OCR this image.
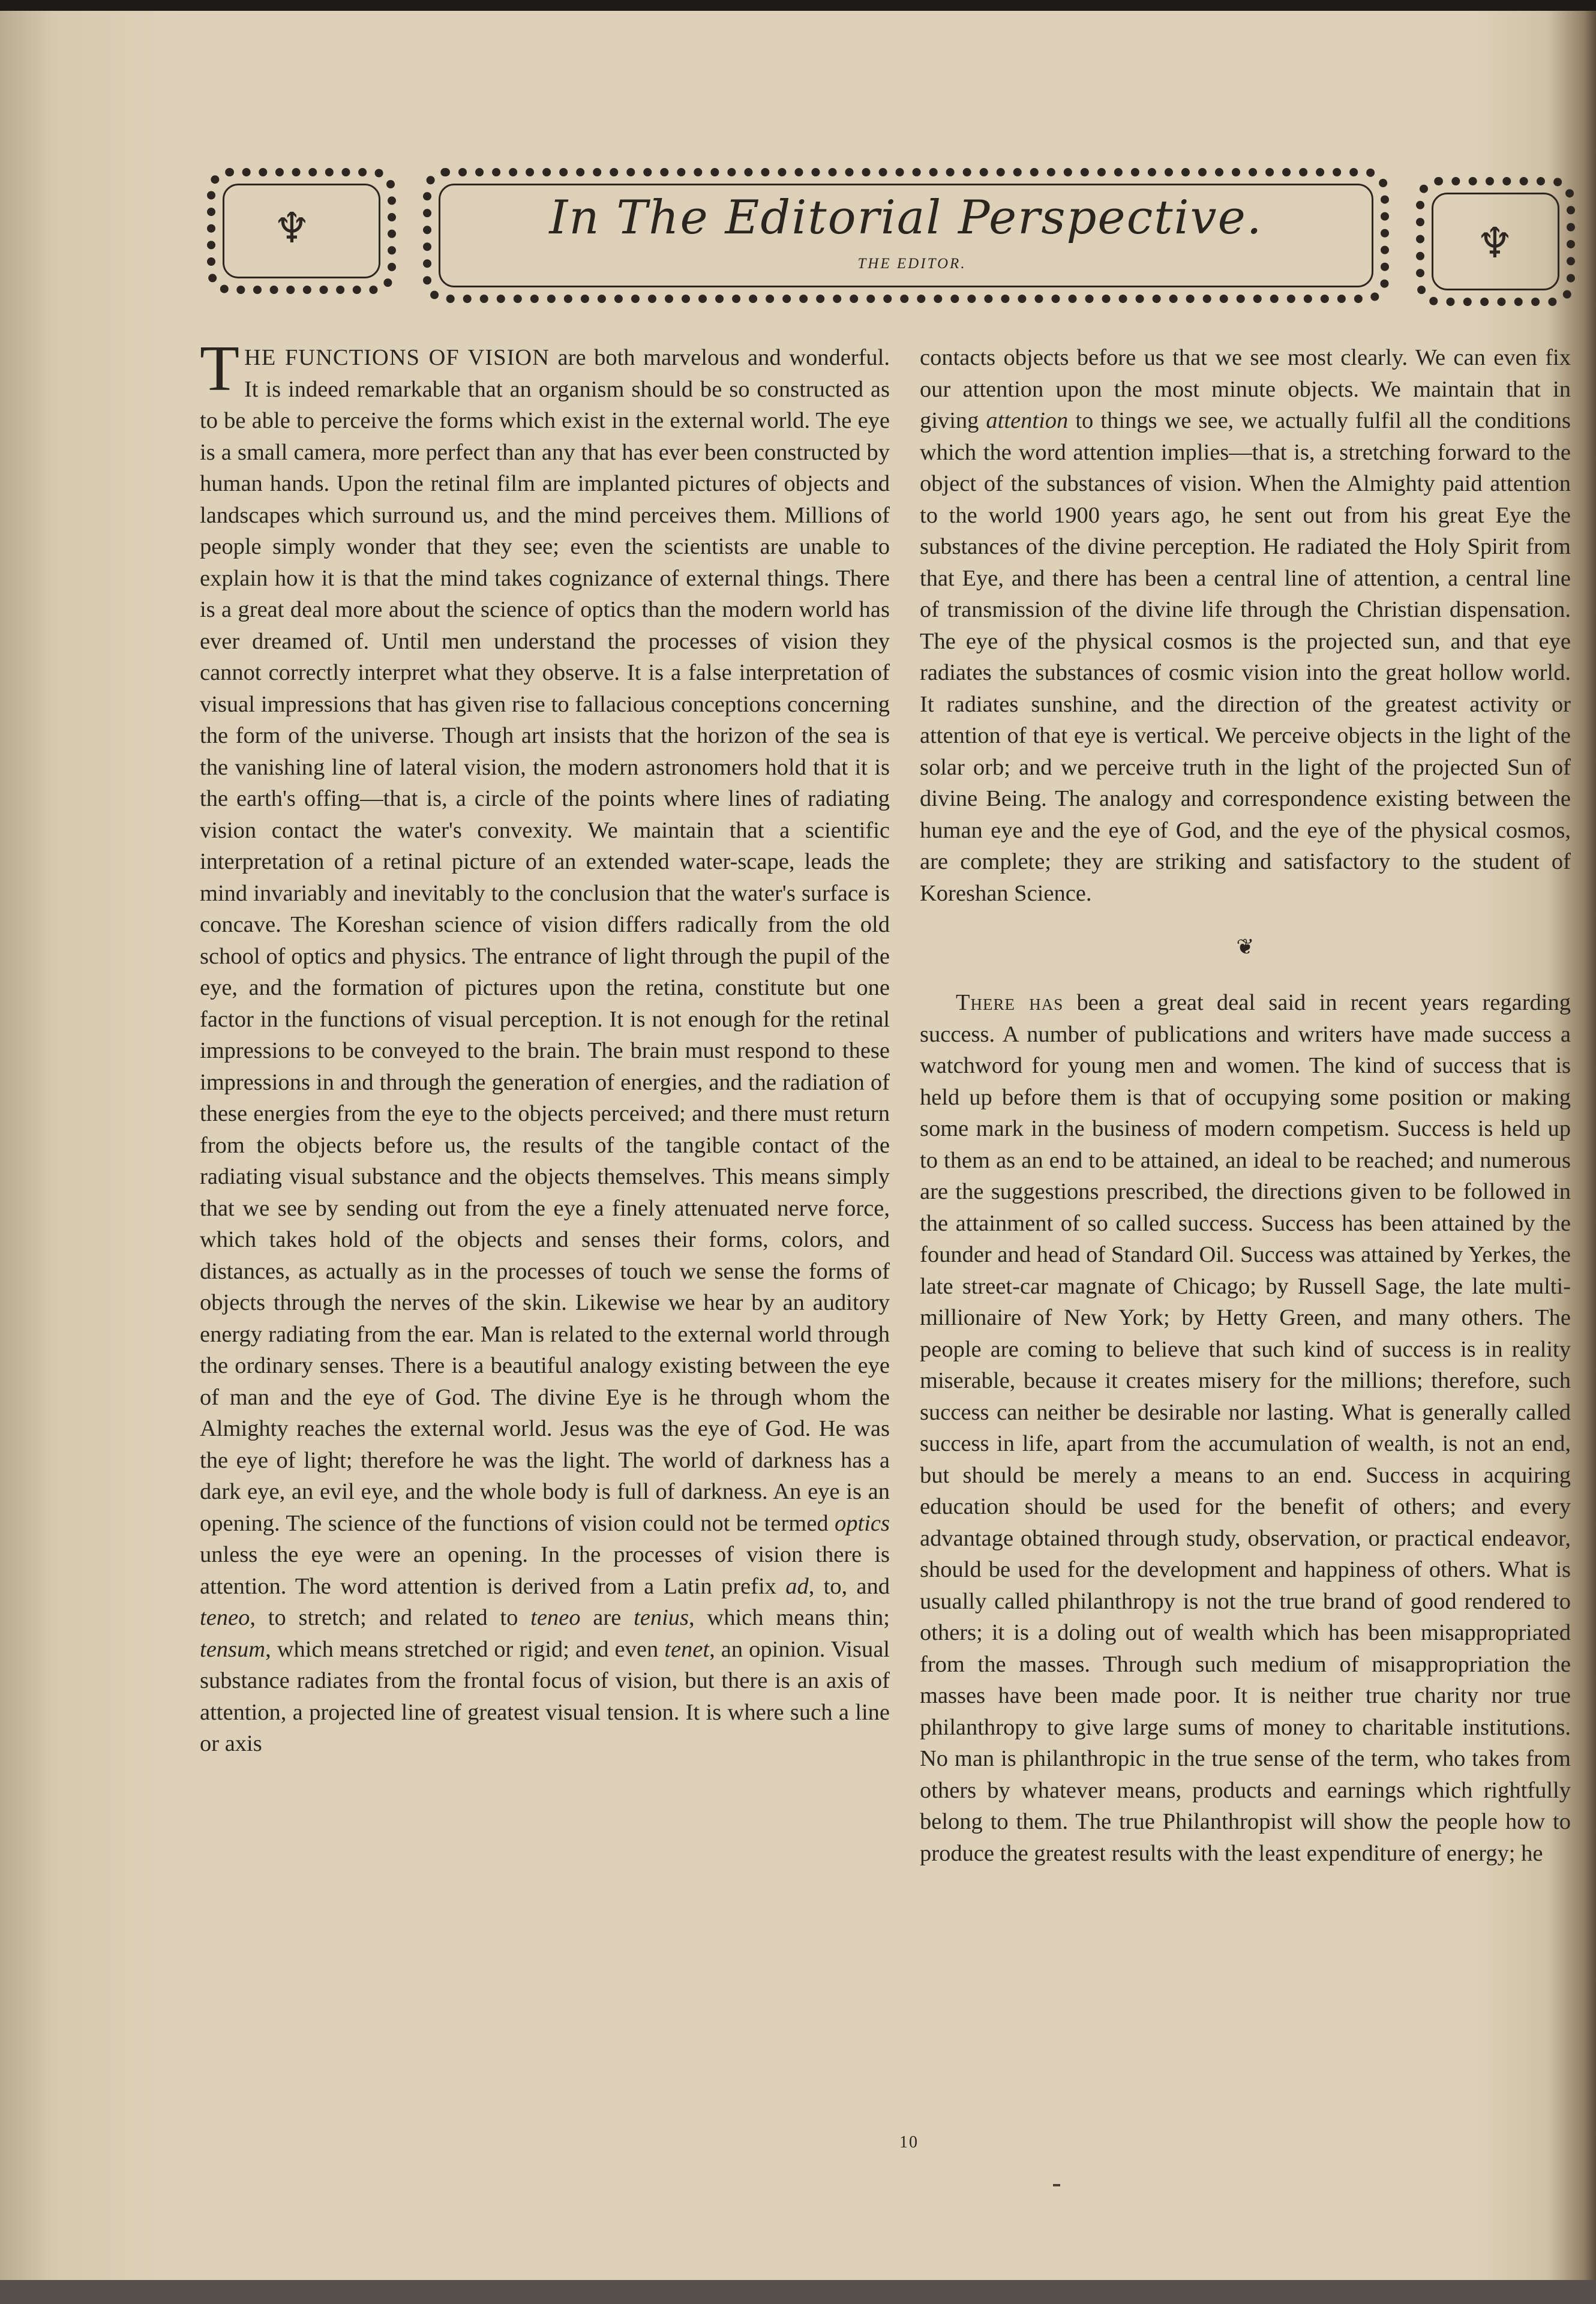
♆	♆
In The Editorial Perspective.
THE EDITOR.

THE FUNCTIONS OF VISION are both marvelous and wonderful. It is indeed remarkable that an organism should be so constructed as to be able to perceive the forms which exist in the external world. The eye is a small camera, more perfect than any that has ever been constructed by human hands. Upon the retinal film are implanted pictures of objects and landscapes which surround us, and the mind perceives them. Millions of people simply wonder that they see; even the scientists are unable to explain how it is that the mind takes cognizance of external things. There is a great deal more about the science of optics than the modern world has ever dreamed of. Until men understand the processes of vision they cannot correctly interpret what they observe. It is a false interpretation of visual impressions that has given rise to fallacious conceptions concerning the form of the universe. Though art insists that the horizon of the sea is the vanishing line of lateral vision, the modern astronomers hold that it is the earth's offing—that is, a circle of the points where lines of radiating vision contact the water's convexity. We maintain that a scientific interpretation of a retinal picture of an extended water-scape, leads the mind invariably and inevitably to the conclusion that the water's surface is concave. The Koreshan science of vision differs radically from the old school of optics and physics. The entrance of light through the pupil of the eye, and the formation of pictures upon the retina, constitute but one factor in the functions of visual perception. It is not enough for the retinal impressions to be conveyed to the brain. The brain must respond to these impressions in and through the generation of energies, and the radiation of these energies from the eye to the objects perceived; and there must return from the objects before us, the results of the tangible contact of the radiating visual substance and the objects themselves. This means simply that we see by sending out from the eye a finely attenuated nerve force, which takes hold of the objects and senses their forms, colors, and distances, as actually as in the processes of touch we sense the forms of objects through the nerves of the skin. Likewise we hear by an auditory energy radiating from the ear. Man is related to the external world through the ordinary senses. There is a beautiful analogy existing between the eye of man and the eye of God. The divine Eye is he through whom the Almighty reaches the external world. Jesus was the eye of God. He was the eye of light; therefore he was the light. The world of darkness has a dark eye, an evil eye, and the whole body is full of darkness. An eye is an opening. The science of the functions of vision could not be termed optics unless the eye were an opening. In the processes of vision there is attention. The word attention is derived from a Latin prefix ad, to, and teneo, to stretch; and related to teneo are tenius, which means thin; tensum, which means stretched or rigid; and even tenet, an opinion. Visual substance radiates from the frontal focus of vision, but there is an axis of attention, a projected line of greatest visual tension. It is where such a line or axis

contacts objects before us that we see most clearly. We can even fix our attention upon the most minute objects. We maintain that in giving attention to things we see, we actually fulfil all the conditions which the word attention implies—that is, a stretching forward to the object of the substances of vision. When the Almighty paid attention to the world 1900 years ago, he sent out from his great Eye the substances of the divine perception. He radiated the Holy Spirit from that Eye, and there has been a central line of attention, a central line of transmission of the divine life through the Christian dispensation. The eye of the physical cosmos is the projected sun, and that eye radiates the substances of cosmic vision into the great hollow world. It radiates sunshine, and the direction of the greatest activity or attention of that eye is vertical. We perceive objects in the light of the solar orb; and we perceive truth in the light of the projected Sun of divine Being. The analogy and correspondence existing between the human eye and the eye of God, and the eye of the physical cosmos, are complete; they are striking and satisfactory to the student of Koreshan Science.

❦

There has been a great deal said in recent years regarding success. A number of publications and writers have made success a watchword for young men and women. The kind of success that is held up before them is that of occupying some position or making some mark in the business of modern competism. Success is held up to them as an end to be attained, an ideal to be reached; and numerous are the suggestions prescribed, the directions given to be followed in the attainment of so called success. Success has been attained by the founder and head of Standard Oil. Success was attained by Yerkes, the late street-car magnate of Chicago; by Russell Sage, the late multi-millionaire of New York; by Hetty Green, and many others. The people are coming to believe that such kind of success is in reality miserable, because it creates misery for the millions; therefore, such success can neither be desirable nor lasting. What is generally called success in life, apart from the accumulation of wealth, is not an end, but should be merely a means to an end. Success in acquiring education should be used for the benefit of others; and every advantage obtained through study, observation, or practical endeavor, should be used for the development and happiness of others. What is usually called philanthropy is not the true brand of good rendered to others; it is a doling out of wealth which has been misappropriated from the masses. Through such medium of misappropriation the masses have been made poor. It is neither true charity nor true philanthropy to give large sums of money to charitable institutions. No man is philanthropic in the true sense of the term, who takes from others by whatever means, products and earnings which rightfully belong to them. The true Philanthropist will show the people how to produce the greatest results with the least expenditure of energy; he

10
